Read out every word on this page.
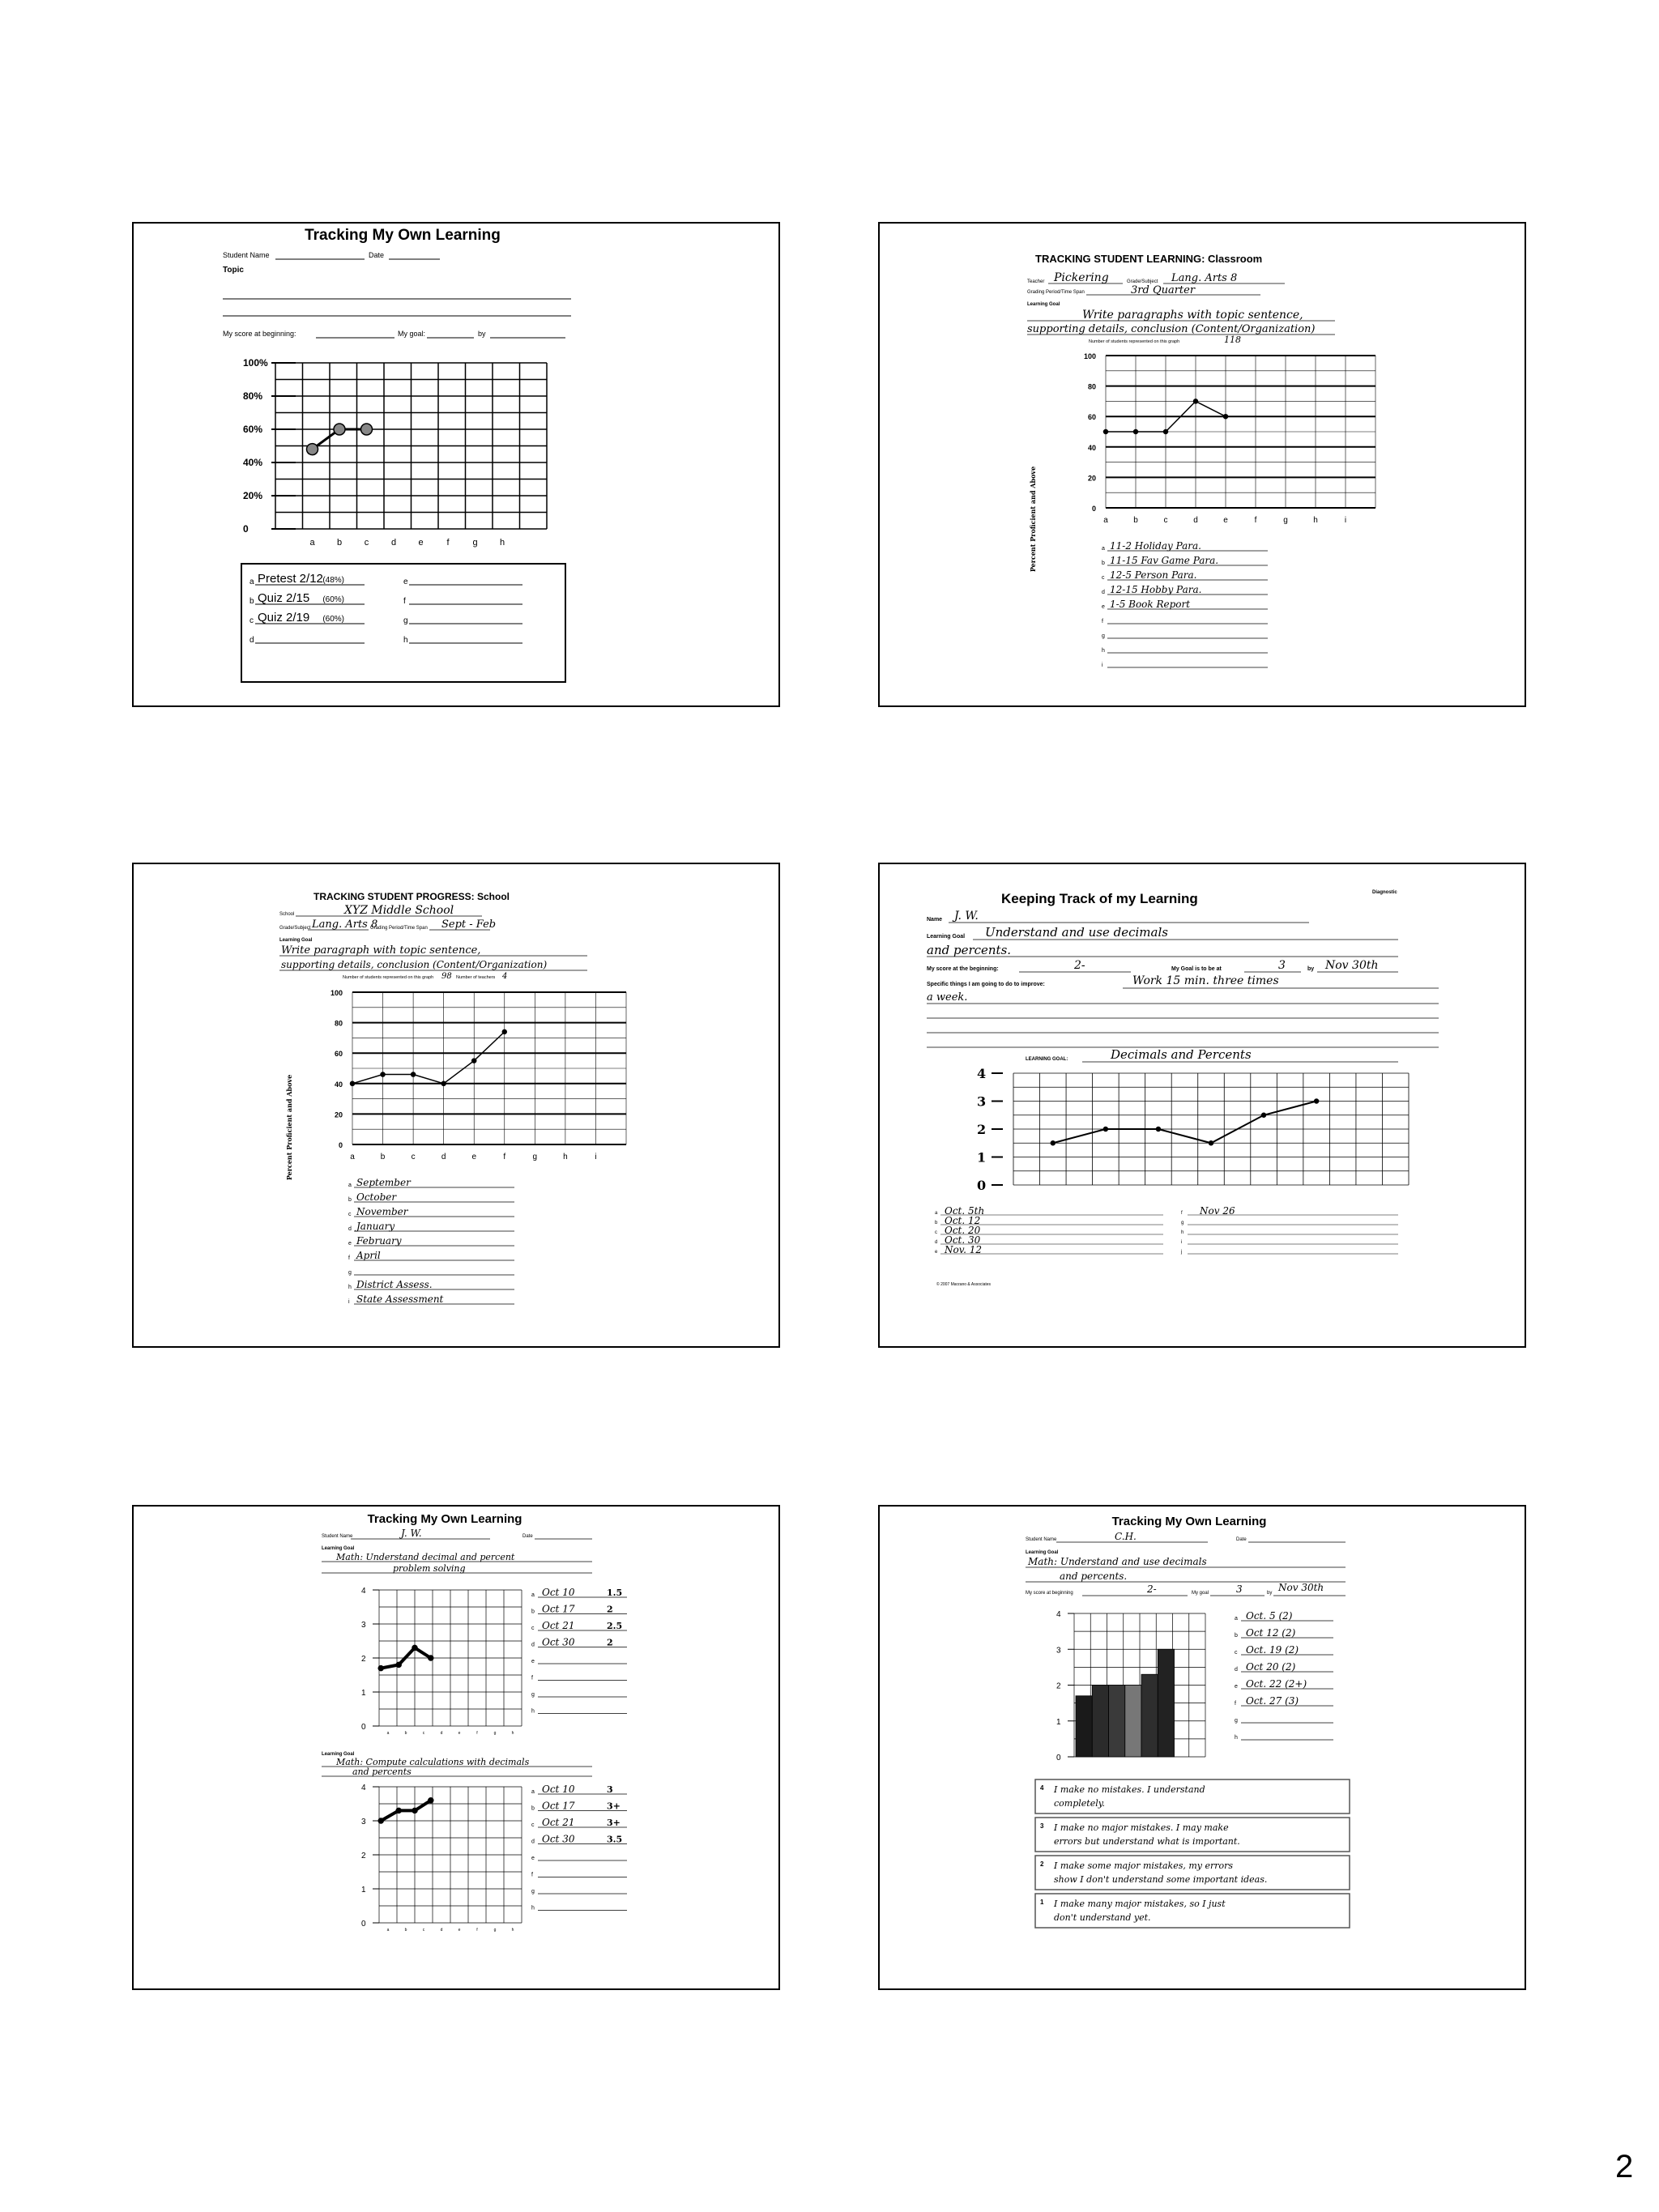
Tracking My Own Learning
Student Name	Date
Topic
My score at beginning:	My goal:	by
100%
80%
60%
40%
20%
0
a b	c	d e	f	g h
a Pretest 2/12 (48%)
b Quiz 2/15 (60%)
c Quiz 2/19 (60%)
d
e
f
g
h
TRACKING STUDENT LEARNING: Classroom
Teacher Pickering	Grade/Subject Lang. Arts 8
Grading Period/Time Span	3rd Quarter
Learning Goal
Write paragraphs with topic sentence,
supporting details, conclusion (Content/Organization)
Number of students represented on this graph	118
Percent Proficient and Above
100
80
60
40
20
0
a	b	c	d	e	f	g	h	i
a 11-2 Holiday Para.
b 11-15 Fav Game Para.
c 12-5 Person Para.
d 12-15 Hobby Para.
e 1-5 Book Report
f
g
h
i
TRACKING STUDENT PROGRESS: School
School	XYZ Middle School
Grade/Subject Lang. Arts 8
Grading Period/Time Span Sept - Feb
Learning Goal
Write paragraph with topic sentence,
supporting details, conclusion (Content/Organization)
Number of students represented on this graph 98 Number of teachers 4
Percent Proficient and Above
100
80
60
40
20
0
a	b	c	d	e	f	g	h	i
a September
b October
c November
d January
e February
f April
g
h District Assess.
i State Assessment
Keeping Track of my Learning	Diagnostic
Name J. W.
Learning Goal Understand and use decimals
and percents.
My score at the beginning:	2-	My Goal is to be at	3	by Nov 30th
Specific things I am going to do to improve:	Work 15 min. three times
a week.
LEARNING GOAL:	Decimals and Percents
4
3
2
1
0
a Oct. 5th
b Oct. 12
c Oct. 20
d Oct. 30
e Nov. 12
f Nov 26
g
h
i
j
© 2007 Marzano & Associates
Tracking My Own Learning
Student Name	J. W.	Date
Learning Goal
Math: Understand decimal and percent
problem solving
4
3
2
1
0
a	b	c	d	e	f	g	h
a Oct 10	1.5
b Oct 17	2
c Oct 21	2.5
d Oct 30	2
e
f
g
h
Learning Goal
Math: Compute calculations with decimals
and percents
4
3
2
1
0
a	b	c	d	e	f	g	h
a Oct 10	3
b Oct 17	3+
c Oct 21	3+
d Oct 30	3.5
e
f
g
h
Tracking My Own Learning
Student Name	C.H.	Date
Learning Goal
Math: Understand and use decimals
and percents.
My score at beginning	2-	My goal	3	by Nov 30th
4
3
2
1
0
a Oct. 5 (2)
b Oct 12 (2)
c Oct. 19 (2)
d Oct 20 (2)
e Oct. 22 (2+)
f Oct. 27 (3)
g
h
4 I make no mistakes. I understand
completely.
3 I make no major mistakes. I may make
errors but understand what is important.
2 I make some major mistakes, my errors
show I don't understand some important ideas.
1 I make many major mistakes, so I just
don't understand yet.
2
